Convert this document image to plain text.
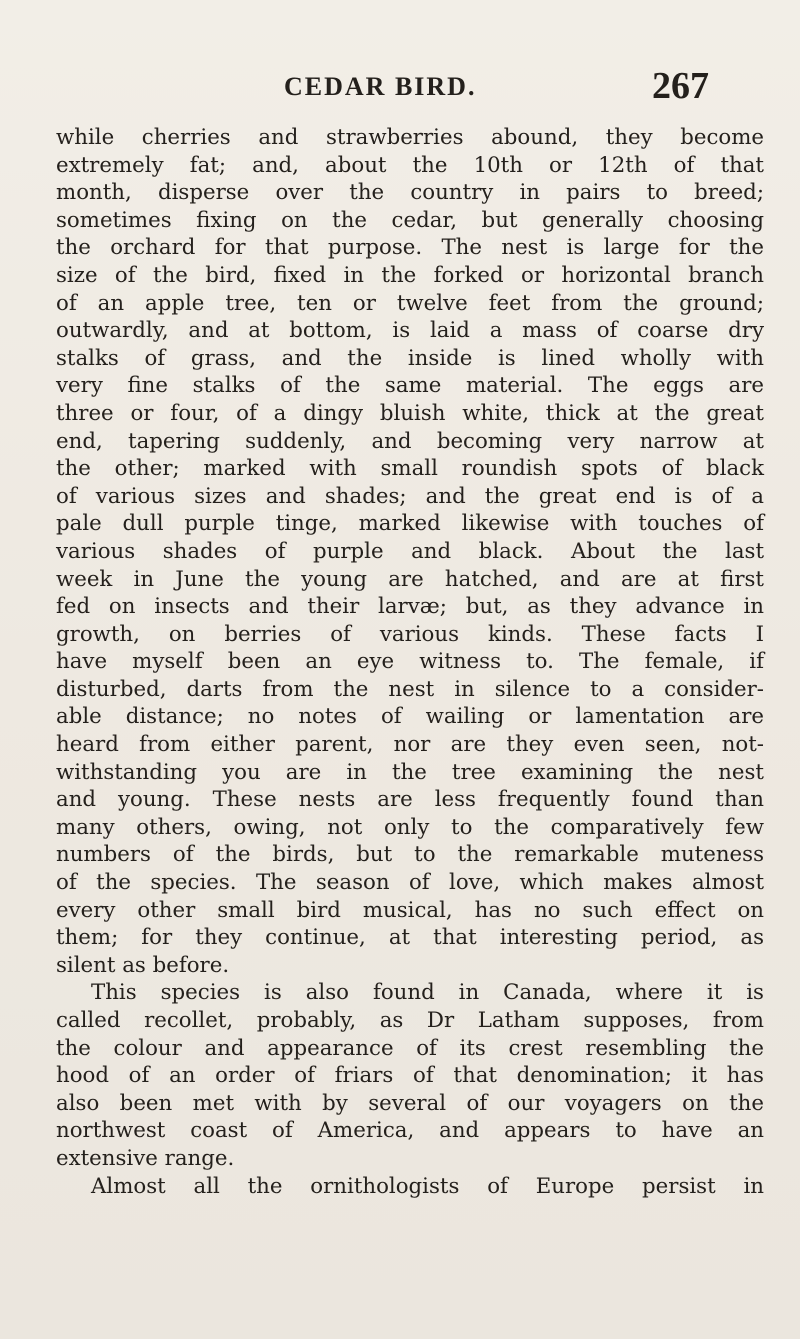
CEDAR BIRD.	267
while cherries and strawberries abound, they become
extremely fat; and, about the 10th or 12th of that
month, disperse over the country in pairs to breed;
sometimes fixing on the cedar, but generally choosing
the orchard for that purpose. The nest is large for the
size of the bird, fixed in the forked or horizontal branch
of an apple tree, ten or twelve feet from the ground;
outwardly, and at bottom, is laid a mass of coarse dry
stalks of grass, and the inside is lined wholly with
very fine stalks of the same material. The eggs are
three or four, of a dingy bluish white, thick at the great
end, tapering suddenly, and becoming very narrow at
the other; marked with small roundish spots of black
of various sizes and shades; and the great end is of a
pale dull purple tinge, marked likewise with touches of
various shades of purple and black. About the last
week in June the young are hatched, and are at first
fed on insects and their larvæ; but, as they advance in
growth, on berries of various kinds. These facts I
have myself been an eye witness to. The female, if
disturbed, darts from the nest in silence to a consider-
able distance; no notes of wailing or lamentation are
heard from either parent, nor are they even seen, not-
withstanding you are in the tree examining the nest
and young. These nests are less frequently found than
many others, owing, not only to the comparatively few
numbers of the birds, but to the remarkable muteness
of the species. The season of love, which makes almost
every other small bird musical, has no such effect on
them; for they continue, at that interesting period, as
silent as before.
This species is also found in Canada, where it is
called recollet, probably, as Dr Latham supposes, from
the colour and appearance of its crest resembling the
hood of an order of friars of that denomination; it has
also been met with by several of our voyagers on the
northwest coast of America, and appears to have an
extensive range.
Almost all the ornithologists of Europe persist in
